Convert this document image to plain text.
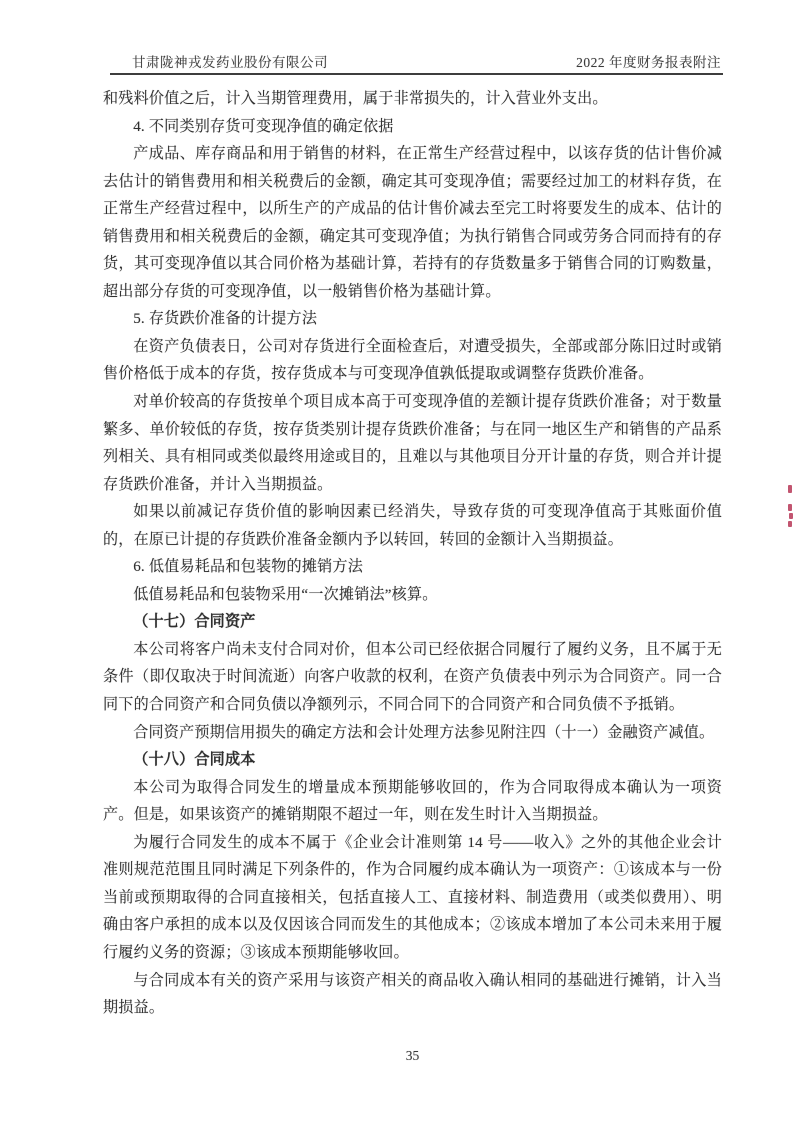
甘肃陇神戎发药业股份有限公司	2022 年度财务报表附注

和残料价值之后，计入当期管理费用，属于非常损失的，计入营业外支出。

4. 不同类别存货可变现净值的确定依据

产成品、库存商品和用于销售的材料，在正常生产经营过程中，以该存货的估计售价减去估计的销售费用和相关税费后的金额，确定其可变现净值；需要经过加工的材料存货，在正常生产经营过程中，以所生产的产成品的估计售价减去至完工时将要发生的成本、估计的销售费用和相关税费后的金额，确定其可变现净值；为执行销售合同或劳务合同而持有的存货，其可变现净值以其合同价格为基础计算，若持有的存货数量多于销售合同的订购数量，超出部分存货的可变现净值，以一般销售价格为基础计算。

5. 存货跌价准备的计提方法

在资产负债表日，公司对存货进行全面检查后，对遭受损失，全部或部分陈旧过时或销售价格低于成本的存货，按存货成本与可变现净值孰低提取或调整存货跌价准备。

对单价较高的存货按单个项目成本高于可变现净值的差额计提存货跌价准备；对于数量繁多、单价较低的存货，按存货类别计提存货跌价准备；与在同一地区生产和销售的产品系列相关、具有相同或类似最终用途或目的，且难以与其他项目分开计量的存货，则合并计提存货跌价准备，并计入当期损益。

如果以前减记存货价值的影响因素已经消失，导致存货的可变现净值高于其账面价值的，在原已计提的存货跌价准备金额内予以转回，转回的金额计入当期损益。

6. 低值易耗品和包装物的摊销方法

低值易耗品和包装物采用“一次摊销法”核算。

（十七）合同资产

本公司将客户尚未支付合同对价，但本公司已经依据合同履行了履约义务，且不属于无条件（即仅取决于时间流逝）向客户收款的权利，在资产负债表中列示为合同资产。同一合同下的合同资产和合同负债以净额列示，不同合同下的合同资产和合同负债不予抵销。

合同资产预期信用损失的确定方法和会计处理方法参见附注四（十一）金融资产减值。

（十八）合同成本

本公司为取得合同发生的增量成本预期能够收回的，作为合同取得成本确认为一项资产。但是，如果该资产的摊销期限不超过一年，则在发生时计入当期损益。

为履行合同发生的成本不属于《企业会计准则第 14 号——收入》之外的其他企业会计准则规范范围且同时满足下列条件的，作为合同履约成本确认为一项资产：①该成本与一份当前或预期取得的合同直接相关，包括直接人工、直接材料、制造费用（或类似费用）、明确由客户承担的成本以及仅因该合同而发生的其他成本；②该成本增加了本公司未来用于履行履约义务的资源；③该成本预期能够收回。

与合同成本有关的资产采用与该资产相关的商品收入确认相同的基础进行摊销，计入当期损益。

35
